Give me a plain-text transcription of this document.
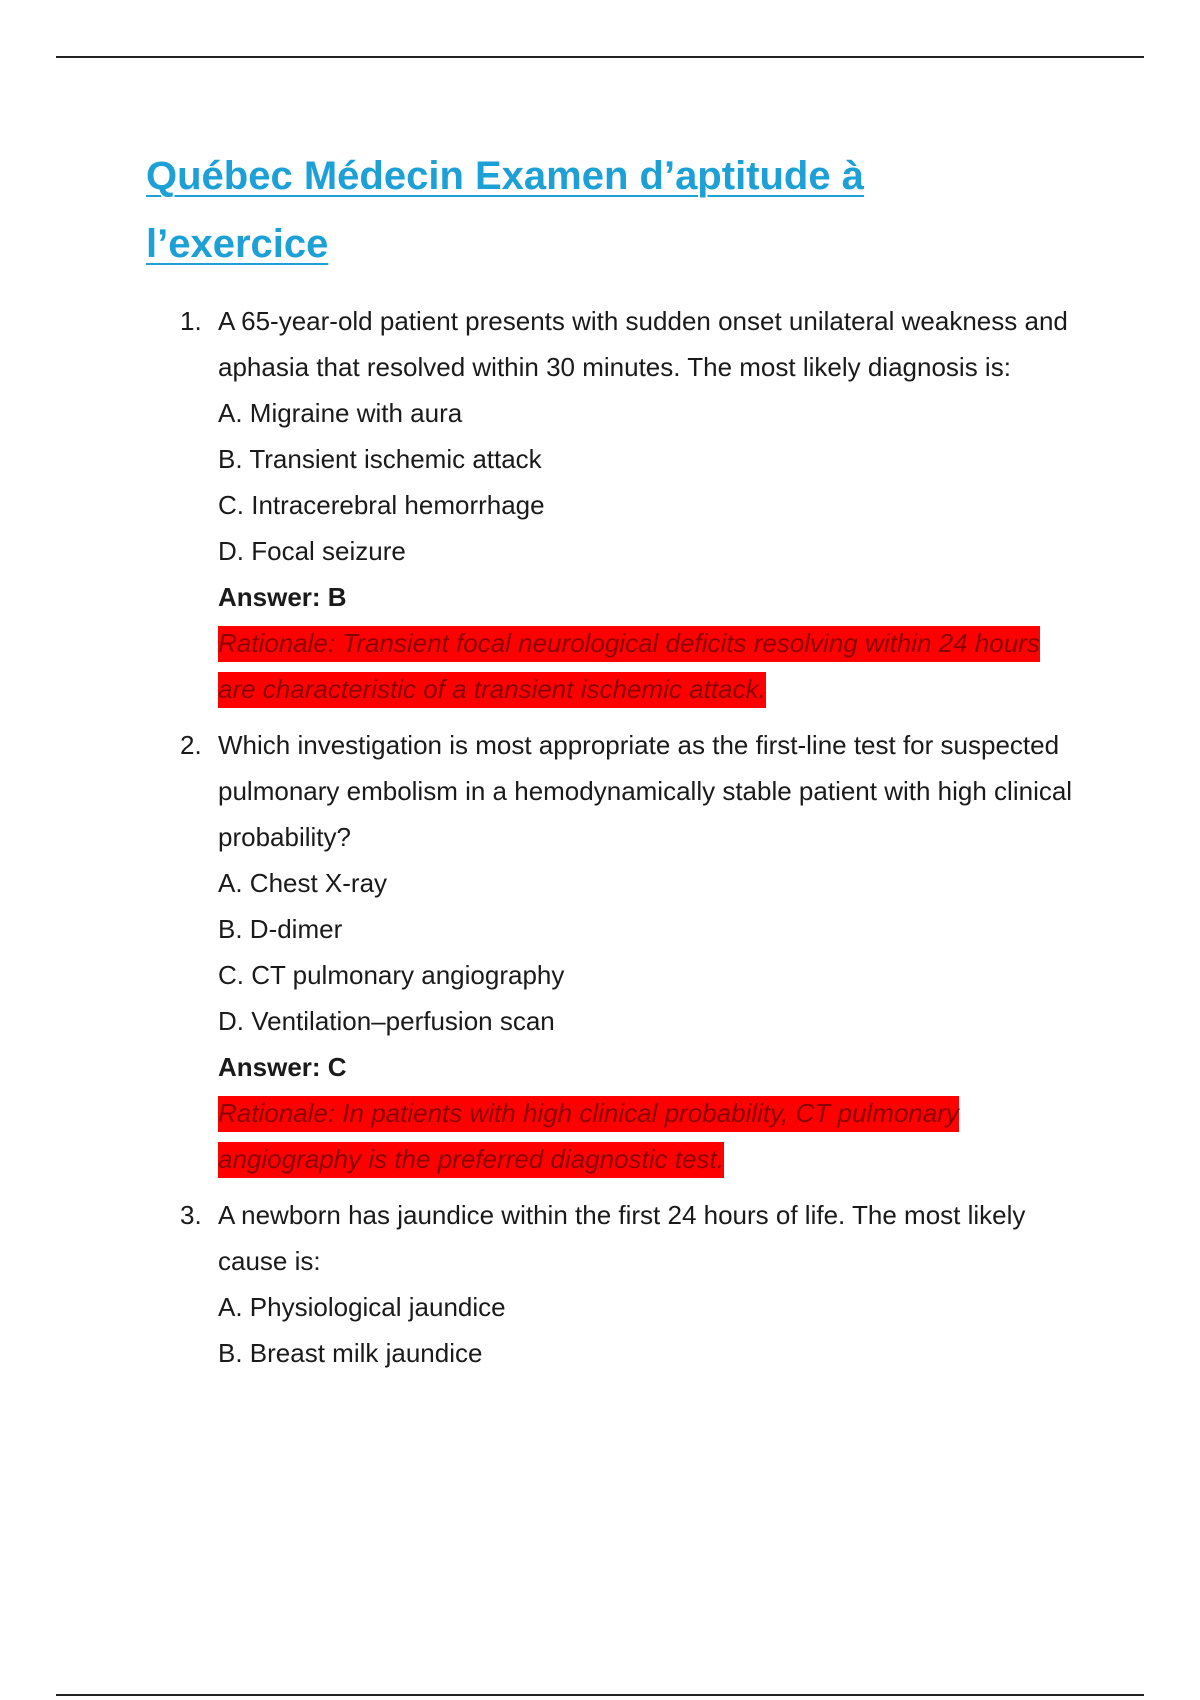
Québec Médecin Examen d’aptitude à l’exercice
1. A 65-year-old patient presents with sudden onset unilateral weakness and aphasia that resolved within 30 minutes. The most likely diagnosis is:
A. Migraine with aura
B. Transient ischemic attack
C. Intracerebral hemorrhage
D. Focal seizure
Answer: B
Rationale: Transient focal neurological deficits resolving within 24 hours are characteristic of a transient ischemic attack.
2. Which investigation is most appropriate as the first-line test for suspected pulmonary embolism in a hemodynamically stable patient with high clinical probability?
A. Chest X-ray
B. D-dimer
C. CT pulmonary angiography
D. Ventilation–perfusion scan
Answer: C
Rationale: In patients with high clinical probability, CT pulmonary angiography is the preferred diagnostic test.
3. A newborn has jaundice within the first 24 hours of life. The most likely cause is:
A. Physiological jaundice
B. Breast milk jaundice
